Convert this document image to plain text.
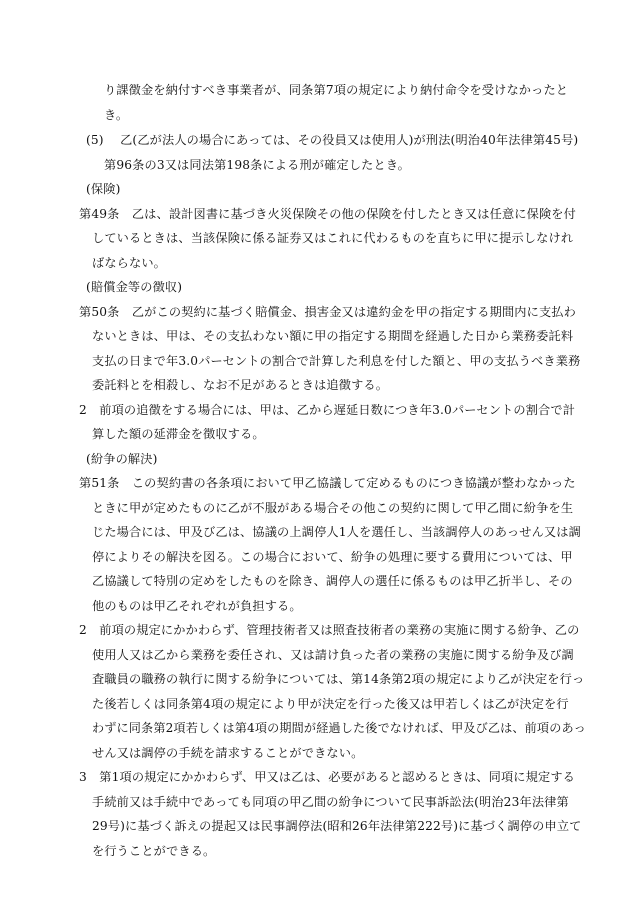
り課徴金を納付すべき事業者が、同条第7項の規定により納付命令を受けなかったと
き。
(5)　 乙(乙が法人の場合にあっては、その役員又は使用人)が刑法(明治40年法律第45号)
第96条の3又は同法第198条による刑が確定したとき。
(保険)
第49条　乙は、設計図書に基づき火災保険その他の保険を付したとき又は任意に保険を付
しているときは、当該保険に係る証券又はこれに代わるものを直ちに甲に提示しなけれ
ばならない。
(賠償金等の徴収)
第50条　乙がこの契約に基づく賠償金、損害金又は違約金を甲の指定する期間内に支払わ
ないときは、甲は、その支払わない額に甲の指定する期間を経過した日から業務委託料
支払の日まで年3.0パーセントの割合で計算した利息を付した額と、甲の支払うべき業務
委託料とを相殺し、なお不足があるときは追徴する。
2　前項の追徴をする場合には、甲は、乙から遅延日数につき年3.0パーセントの割合で計
算した額の延滞金を徴収する。
(紛争の解決)
第51条　この契約書の各条項において甲乙協議して定めるものにつき協議が整わなかった
ときに甲が定めたものに乙が不服がある場合その他この契約に関して甲乙間に紛争を生
じた場合には、甲及び乙は、協議の上調停人1人を選任し、当該調停人のあっせん又は調
停によりその解決を図る。この場合において、紛争の処理に要する費用については、甲
乙協議して特別の定めをしたものを除き、調停人の選任に係るものは甲乙折半し、その
他のものは甲乙それぞれが負担する。
2　前項の規定にかかわらず、管理技術者又は照査技術者の業務の実施に関する紛争、乙の
使用人又は乙から業務を委任され、又は請け負った者の業務の実施に関する紛争及び調
査職員の職務の執行に関する紛争については、第14条第2項の規定により乙が決定を行っ
た後若しくは同条第4項の規定により甲が決定を行った後又は甲若しくは乙が決定を行
わずに同条第2項若しくは第4項の期間が経過した後でなければ、甲及び乙は、前項のあっ
せん又は調停の手続を請求することができない。
3　第1項の規定にかかわらず、甲又は乙は、必要があると認めるときは、同項に規定する
手続前又は手続中であっても同項の甲乙間の紛争について民事訴訟法(明治23年法律第
29号)に基づく訴えの提起又は民事調停法(昭和26年法律第222号)に基づく調停の申立て
を行うことができる。
